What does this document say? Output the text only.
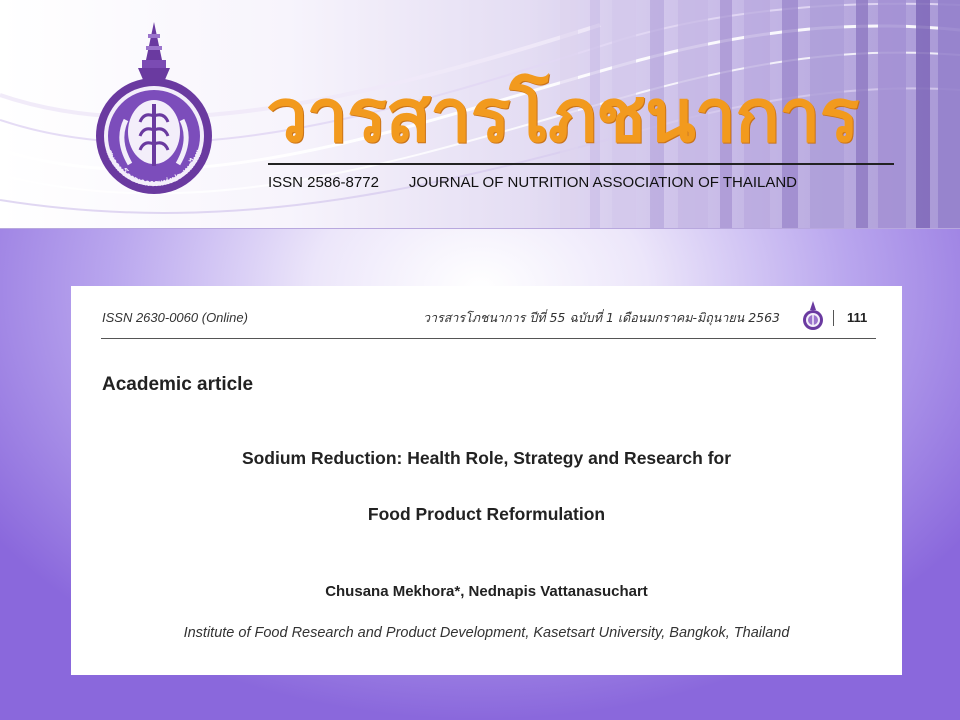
สมาคมโภชนาการแห่งประเทศไทย วารสารโภชนาการ
ISSN 2586-8772 JOURNAL OF NUTRITION ASSOCIATION OF THAILAND
ISSN 2630-0060 (Online)	วารสารโภชนาการ ปีที่ 55 ฉบับที่ 1 เดือนมกราคม-มิถุนายน 2563	111
Academic article
Sodium Reduction: Health Role, Strategy and Research for
Food Product Reformulation
Chusana Mekhora*, Nednapis Vattanasuchart
Institute of Food Research and Product Development, Kasetsart University, Bangkok, Thailand
